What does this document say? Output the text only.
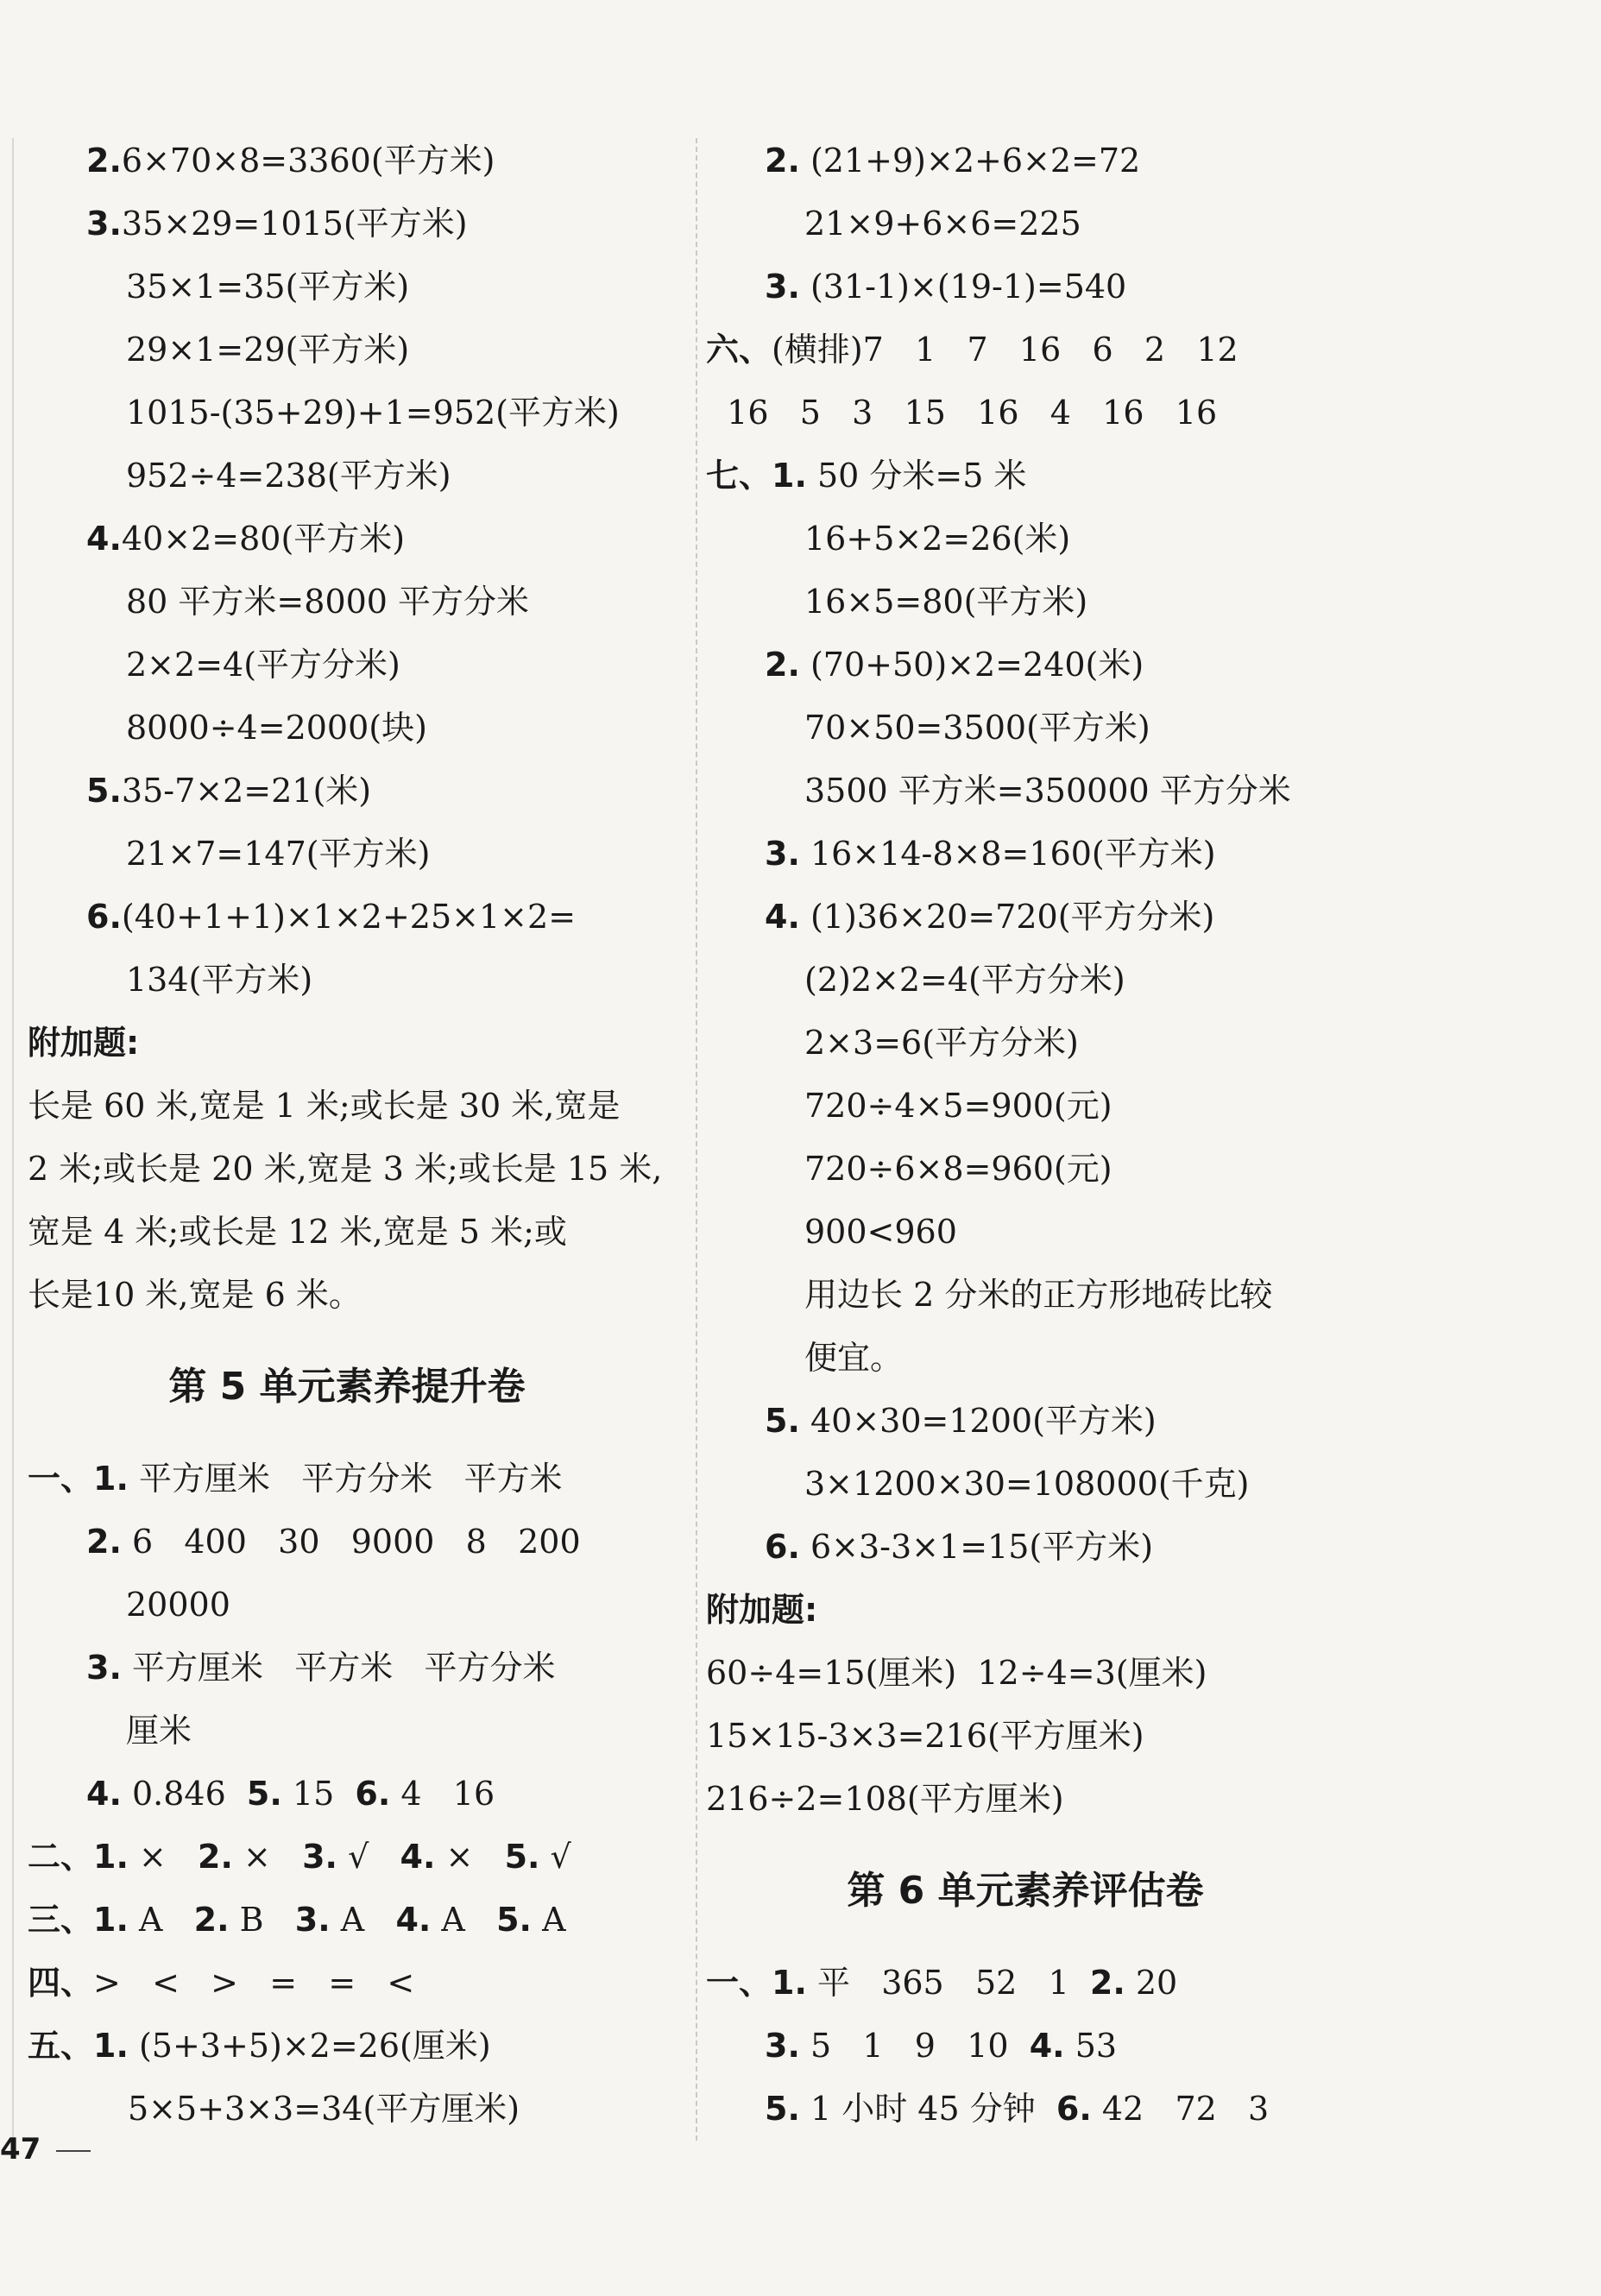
2.6×70×8=3360(平方米)
3.35×29=1015(平方米)
35×1=35(平方米)
29×1=29(平方米)
1015-(35+29)+1=952(平方米)
952÷4=238(平方米)
4.40×2=80(平方米)
80 平方米=8000 平方分米
2×2=4(平方分米)
8000÷4=2000(块)
5.35-7×2=21(米)
21×7=147(平方米)
6.(40+1+1)×1×2+25×1×2=
134(平方米)
附加题:
长是 60 米,宽是 1 米;或长是 30 米,宽是
2 米;或长是 20 米,宽是 3 米;或长是 15 米,
宽是 4 米;或长是 12 米,宽是 5 米;或
长是10 米,宽是 6 米。
第 5 单元素养提升卷
一、1. 平方厘米   平方分米   平方米
2. 6   400   30   9000   8   200
20000
3. 平方厘米   平方米   平方分米
厘米
4. 0.846  5. 15  6. 4   16
二、1. ×   2. ×   3. √   4. ×   5. √
三、1. A   2. B   3. A   4. A   5. A
四、>   <   >   =   =   <
五、1. (5+3+5)×2=26(厘米)
5×5+3×3=34(平方厘米)
2. (21+9)×2+6×2=72
21×9+6×6=225
3. (31-1)×(19-1)=540
六、(横排)7   1   7   16   6   2   12
16   5   3   15   16   4   16   16
七、1. 50 分米=5 米
16+5×2=26(米)
16×5=80(平方米)
2. (70+50)×2=240(米)
70×50=3500(平方米)
3500 平方米=350000 平方分米
3. 16×14-8×8=160(平方米)
4. (1)36×20=720(平方分米)
(2)2×2=4(平方分米)
2×3=6(平方分米)
720÷4×5=900(元)
720÷6×8=960(元)
900<960
用边长 2 分米的正方形地砖比较
便宜。
5. 40×30=1200(平方米)
3×1200×30=108000(千克)
6. 6×3-3×1=15(平方米)
附加题:
60÷4=15(厘米)  12÷4=3(厘米)
15×15-3×3=216(平方厘米)
216÷2=108(平方厘米)
第 6 单元素养评估卷
一、1. 平   365   52   1  2. 20
3. 5   1   9   10  4. 53
5. 1 小时 45 分钟  6. 42   72   3
47
